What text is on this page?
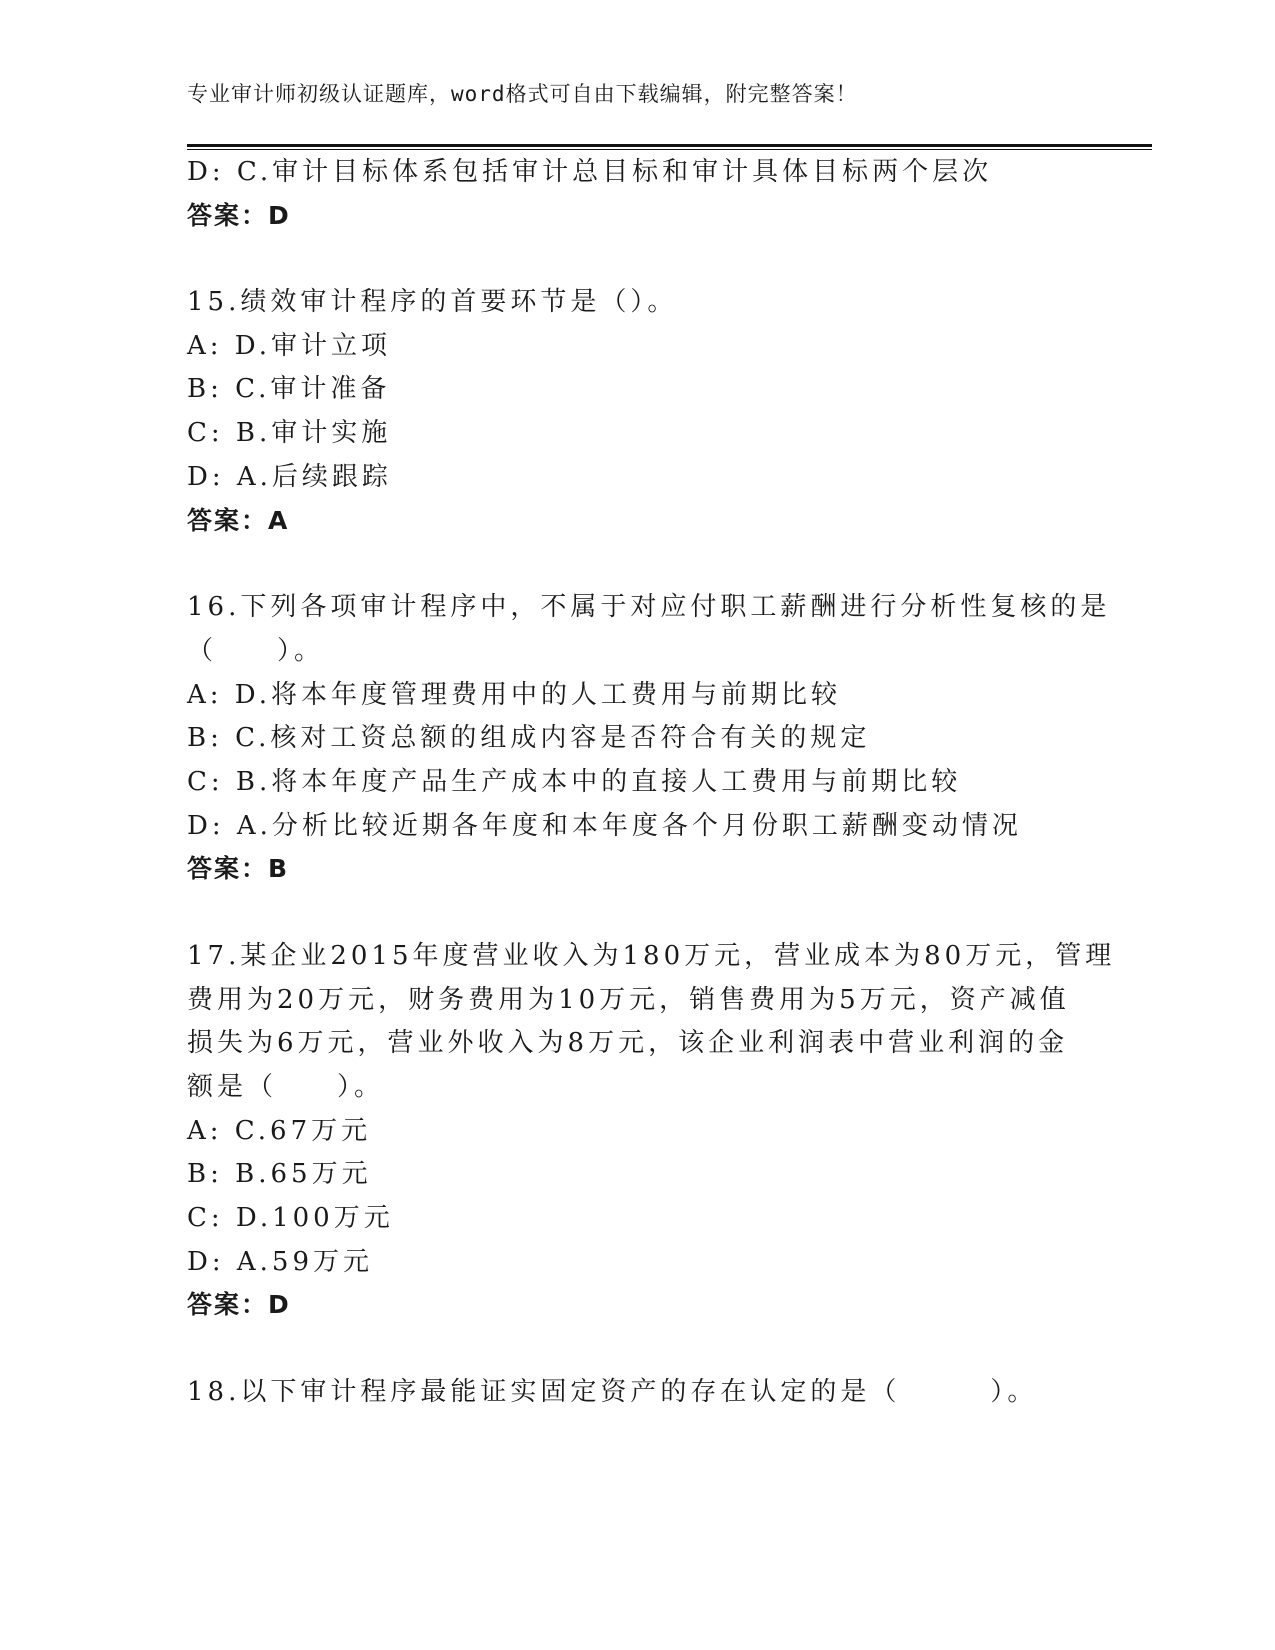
专业审计师初级认证题库，word格式可自由下载编辑，附完整答案！
D: C.审计目标体系包括审计总目标和审计具体目标两个层次
答案：D
15.绩效审计程序的首要环节是（）。
A: D.审计立项
B: C.审计准备
C: B.审计实施
D: A.后续跟踪
答案：A
16.下列各项审计程序中，不属于对应付职工薪酬进行分析性复核的是
（　　）。
A: D.将本年度管理费用中的人工费用与前期比较
B: C.核对工资总额的组成内容是否符合有关的规定
C: B.将本年度产品生产成本中的直接人工费用与前期比较
D: A.分析比较近期各年度和本年度各个月份职工薪酬变动情况
答案：B
17.某企业2015年度营业收入为180万元，营业成本为80万元，管理
费用为20万元，财务费用为10万元，销售费用为5万元，资产减值
损失为6万元，营业外收入为8万元，该企业利润表中营业利润的金
额是（　　）。
A: C.67万元
B: B.65万元
C: D.100万元
D: A.59万元
答案：D
18.以下审计程序最能证实固定资产的存在认定的是（　　　）。
